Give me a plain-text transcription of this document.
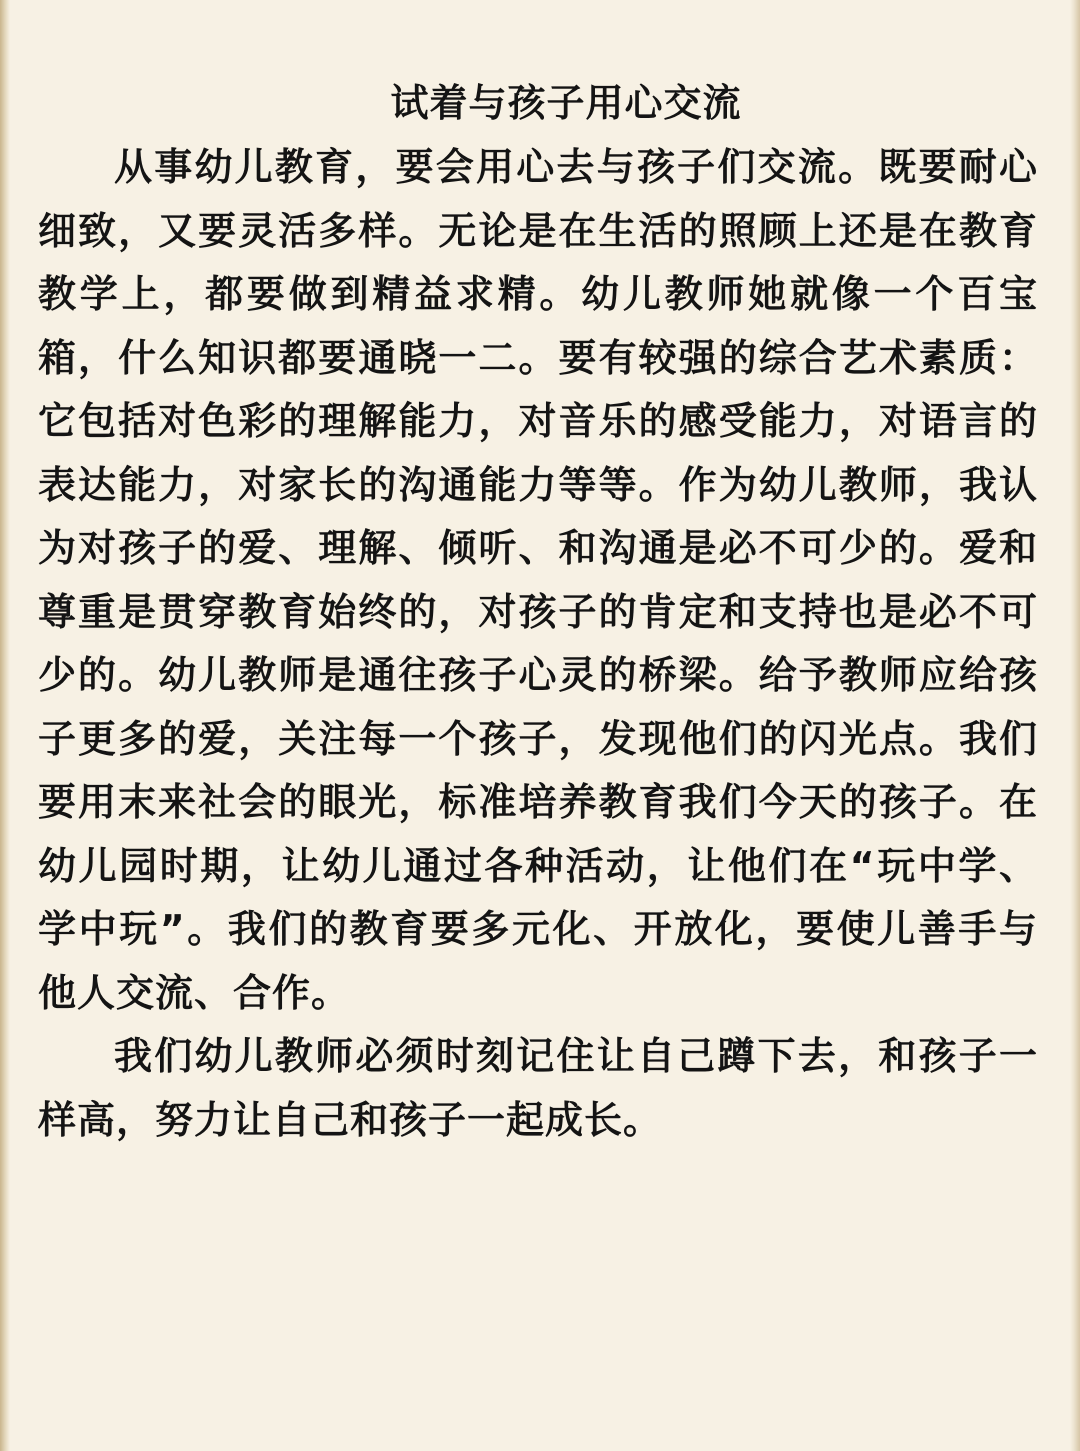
试着与孩子用心交流

从事幼儿教育，要会用心去与孩子们交流。既要耐心细致，又要灵活多样。无论是在生活的照顾上还是在教育教学上，都要做到精益求精。幼儿教师她就像一个百宝箱，什么知识都要通晓一二。要有较强的综合艺术素质：它包括对色彩的理解能力，对音乐的感受能力，对语言的表达能力，对家长的沟通能力等等。作为幼儿教师，我认为对孩子的爱、理解、倾听、和沟通是必不可少的。爱和尊重是贯穿教育始终的，对孩子的肯定和支持也是必不可少的。幼儿教师是通往孩子心灵的桥梁。给予教师应给孩子更多的爱，关注每一个孩子，发现他们的闪光点。我们要用末来社会的眼光，标准培养教育我们今天的孩子。在幼儿园时期，让幼儿通过各种活动，让他们在“玩中学、学中玩”。我们的教育要多元化、开放化，要使儿善手与他人交流、合作。

我们幼儿教师必须时刻记住让自己蹲下去，和孩子一样高，努力让自己和孩子一起成长。
